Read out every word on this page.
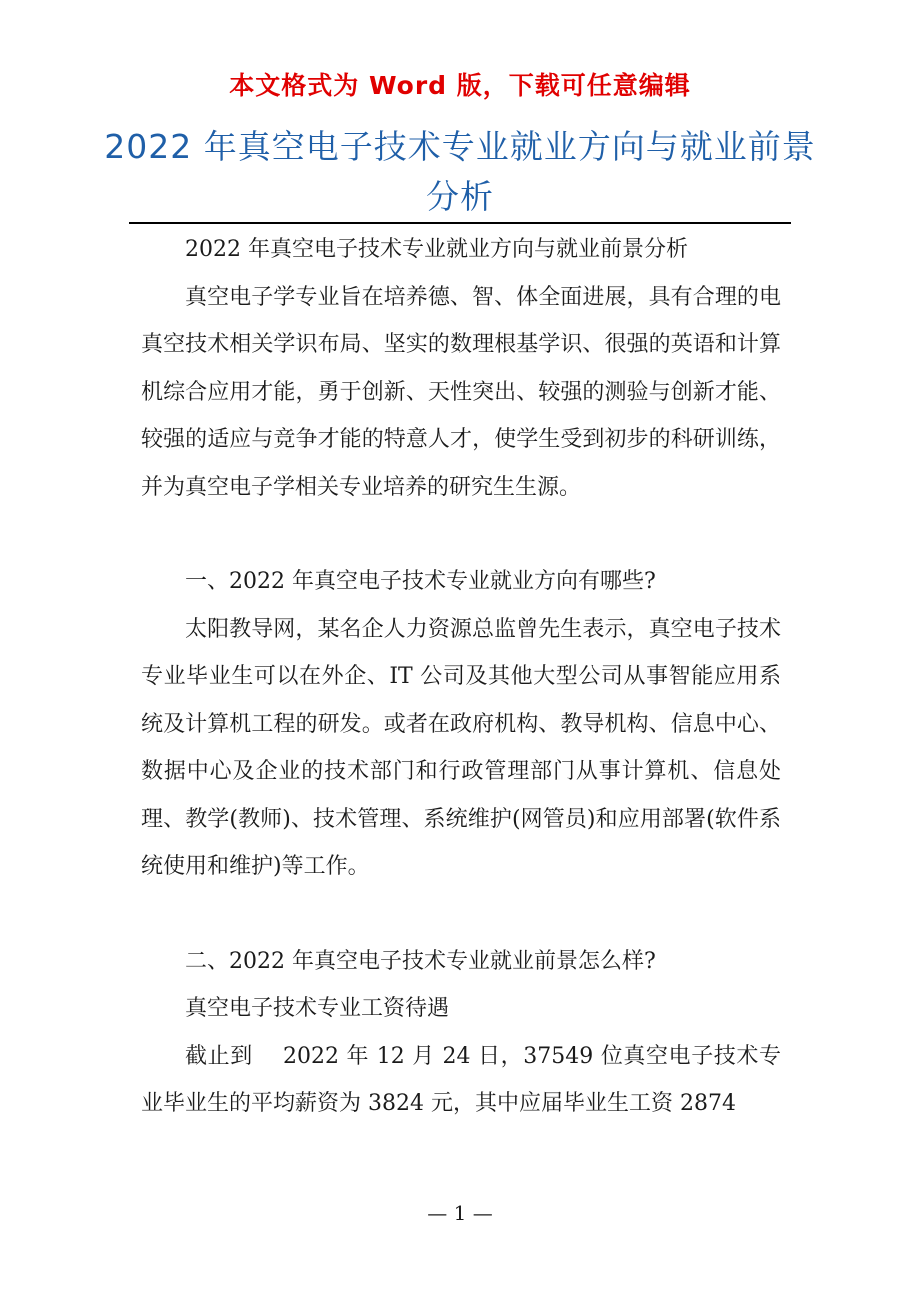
本文格式为 Word 版，下载可任意编辑
2022 年真空电子技术专业就业方向与就业前景分析

2022 年真空电子技术专业就业方向与就业前景分析

真空电子学专业旨在培养德、智、体全面进展，具有合理的电真空技术相关学识布局、坚实的数理根基学识、很强的英语和计算机综合应用才能，勇于创新、天性突出、较强的测验与创新才能、较强的适应与竞争才能的特意人才，使学生受到初步的科研训练，并为真空电子学相关专业培养的研究生生源。

一、2022 年真空电子技术专业就业方向有哪些?

太阳教导网，某名企人力资源总监曾先生表示，真空电子技术专业毕业生可以在外企、IT 公司及其他大型公司从事智能应用系统及计算机工程的研发。或者在政府机构、教导机构、信息中心、数据中心及企业的技术部门和行政管理部门从事计算机、信息处理、教学(教师)、技术管理、系统维护(网管员)和应用部署(软件系统使用和维护)等工作。

二、2022 年真空电子技术专业就业前景怎么样?

真空电子技术专业工资待遇

截止到　 2022 年 12 月 24 日，37549 位真空电子技术专业毕业生的平均薪资为 3824 元，其中应届毕业生工资 2874

— 1 —
